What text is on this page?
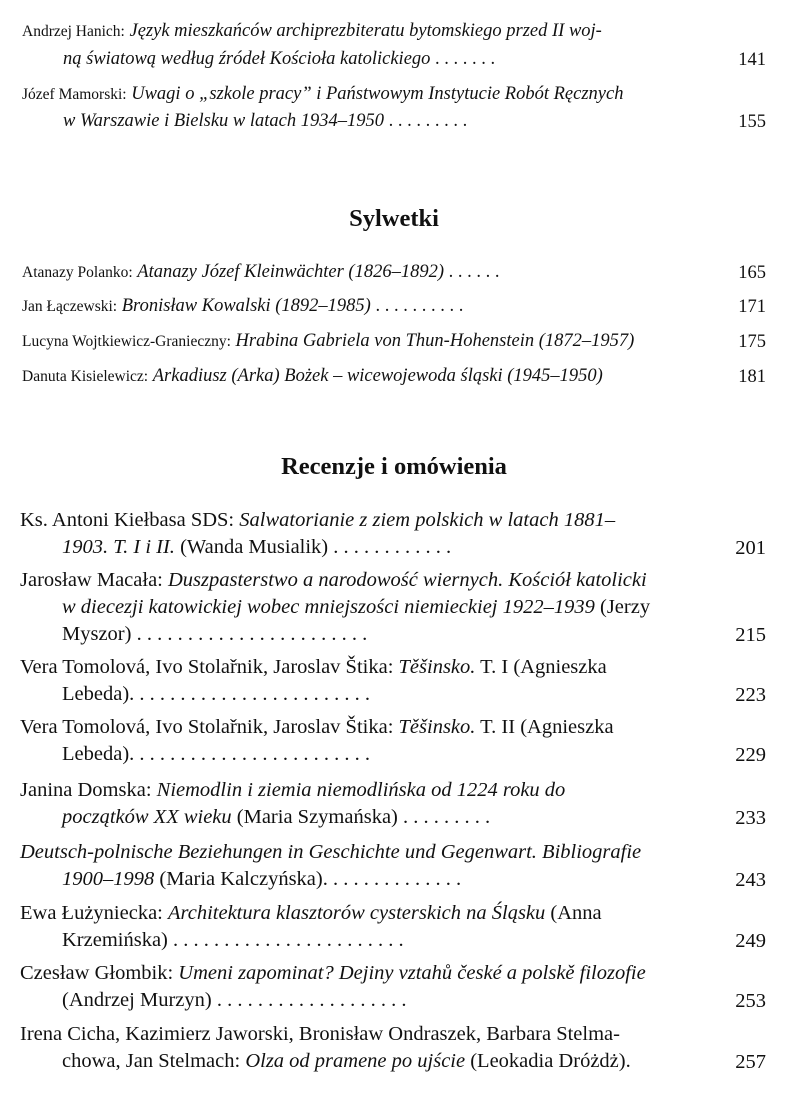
Andrzej Hanich: Język mieszkańców archiprezbiteratu bytomskiego przed II woj-
ną światową według źródeł Kościoła katolickiego . . . . . . .	141
Józef Mamorski: Uwagi o „szkole pracy” i Państwowym Instytucie Robót Ręcznych
w Warszawie i Bielsku w latach 1934–1950 . . . . . . . . .	155
Sylwetki
Atanazy Polanko: Atanazy Józef Kleinwächter (1826–1892) . . . . . .	165
Jan Łączewski: Bronisław Kowalski (1892–1985) . . . . . . . . . .	171
Lucyna Wojtkiewicz-Granieczny: Hrabina Gabriela von Thun-Hohenstein (1872–1957)	175
Danuta Kisielewicz: Arkadiusz (Arka) Bożek – wicewojewoda śląski (1945–1950)	181
Recenzje i omówienia
Ks. Antoni Kiełbasa SDS: Salwatorianie z ziem polskich w latach 1881–
1903. T. I i II. (Wanda Musialik) . . . . . . . . . . . .	201
Jarosław Macała: Duszpasterstwo a narodowość wiernych. Kościół katolicki
w diecezji katowickiej wobec mniejszości niemieckiej 1922–1939 (Jerzy
Myszor) . . . . . . . . . . . . . . . . . . . . . . .	215
Vera Tomolová, Ivo Stolařnik, Jaroslav Štika: Těšinsko. T. I (Agnieszka
Lebeda). . . . . . . . . . . . . . . . . . . . . . . .	223
Vera Tomolová, Ivo Stolařnik, Jaroslav Štika: Těšinsko. T. II (Agnieszka
Lebeda). . . . . . . . . . . . . . . . . . . . . . . .	229
Janina Domska: Niemodlin i ziemia niemodlińska od 1224 roku do
początków XX wieku (Maria Szymańska) . . . . . . . . .	233
Deutsch-polnische Beziehungen in Geschichte und Gegenwart. Bibliografie
1900–1998 (Maria Kalczyńska). . . . . . . . . . . . . .	243
Ewa Łużyniecka: Architektura klasztorów cysterskich na Śląsku (Anna
Krzemińska) . . . . . . . . . . . . . . . . . . . . . . .	249
Czesław Głombik: Umeni zapominat? Dejiny vztahů české a polskě filozofie
(Andrzej Murzyn) . . . . . . . . . . . . . . . . . . .	253
Irena Cicha, Kazimierz Jaworski, Bronisław Ondraszek, Barbara Stelma-
chowa, Jan Stelmach: Olza od pramene po ujście (Leokadia Dróżdż).	257
